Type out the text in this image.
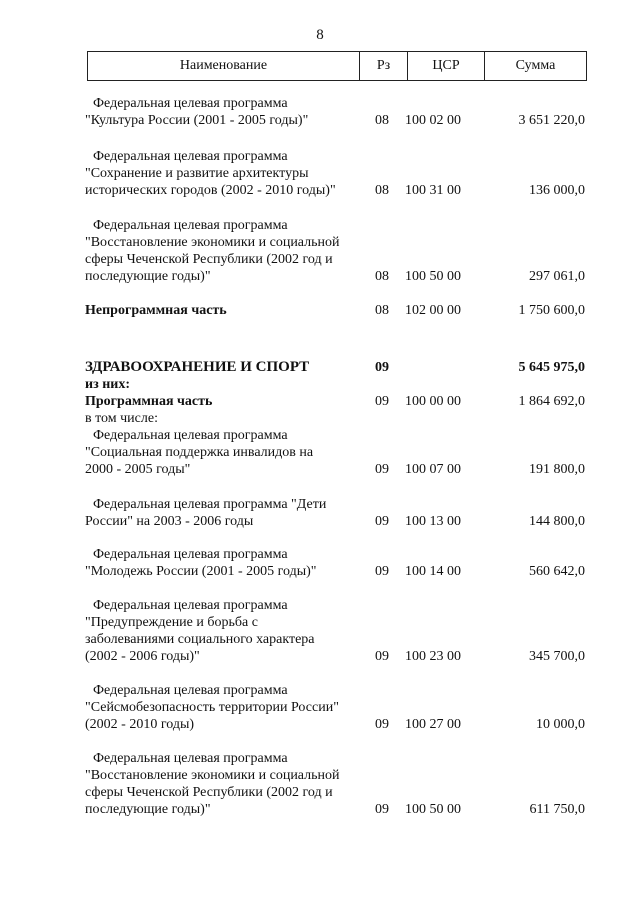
8
Наименование	Рз	ЦСР	Сумма
Федеральная целевая программа
"Культура России (2001 - 2005 годы)"	08 100 02 00	3 651 220,0
Федеральная целевая программа
"Сохранение и развитие архитектуры
исторических городов (2002 - 2010 годы)"	08 100 31 00	136 000,0
Федеральная целевая программа
"Восстановление экономики и социальной
сферы Чеченской Республики (2002 год и
последующие годы)"	08 100 50 00	297 061,0
Непрограммная часть	08 102 00 00	1 750 600,0
ЗДРАВООХРАНЕНИЕ И СПОРТ	09	5 645 975,0
из них:
Программная часть	09 100 00 00	1 864 692,0
в том числе:
Федеральная целевая программа
"Социальная поддержка инвалидов на
2000 - 2005 годы"	09 100 07 00	191 800,0
Федеральная целевая программа "Дети
России" на 2003 - 2006 годы	09 100 13 00	144 800,0
Федеральная целевая программа
"Молодежь России (2001 - 2005 годы)"	09 100 14 00	560 642,0
Федеральная целевая программа
"Предупреждение и борьба с
заболеваниями социального характера
(2002 - 2006 годы)"	09 100 23 00	345 700,0
Федеральная целевая программа
"Сейсмобезопасность территории России"
(2002 - 2010 годы)	09 100 27 00	10 000,0
Федеральная целевая программа
"Восстановление экономики и социальной
сферы Чеченской Республики (2002 год и
последующие годы)"	09 100 50 00	611 750,0
